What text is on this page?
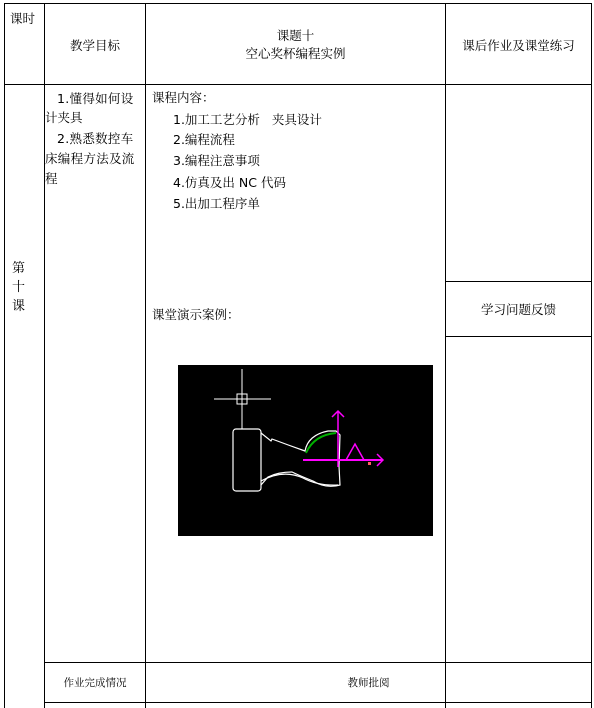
课时
教学目标
课题十
空心奖杯编程实例
课后作业及课堂练习
第
十
课
1.懂得如何设
计夹具
2.熟悉数控车
床编程方法及流
程
课程内容：
1.加工工艺分析   夹具设计
2.编程流程
3.编程注意事项
4.仿真及出 NC 代码
5.出加工程序单
课堂演示案例：	学习问题反馈
作业完成情况	教师批阅
